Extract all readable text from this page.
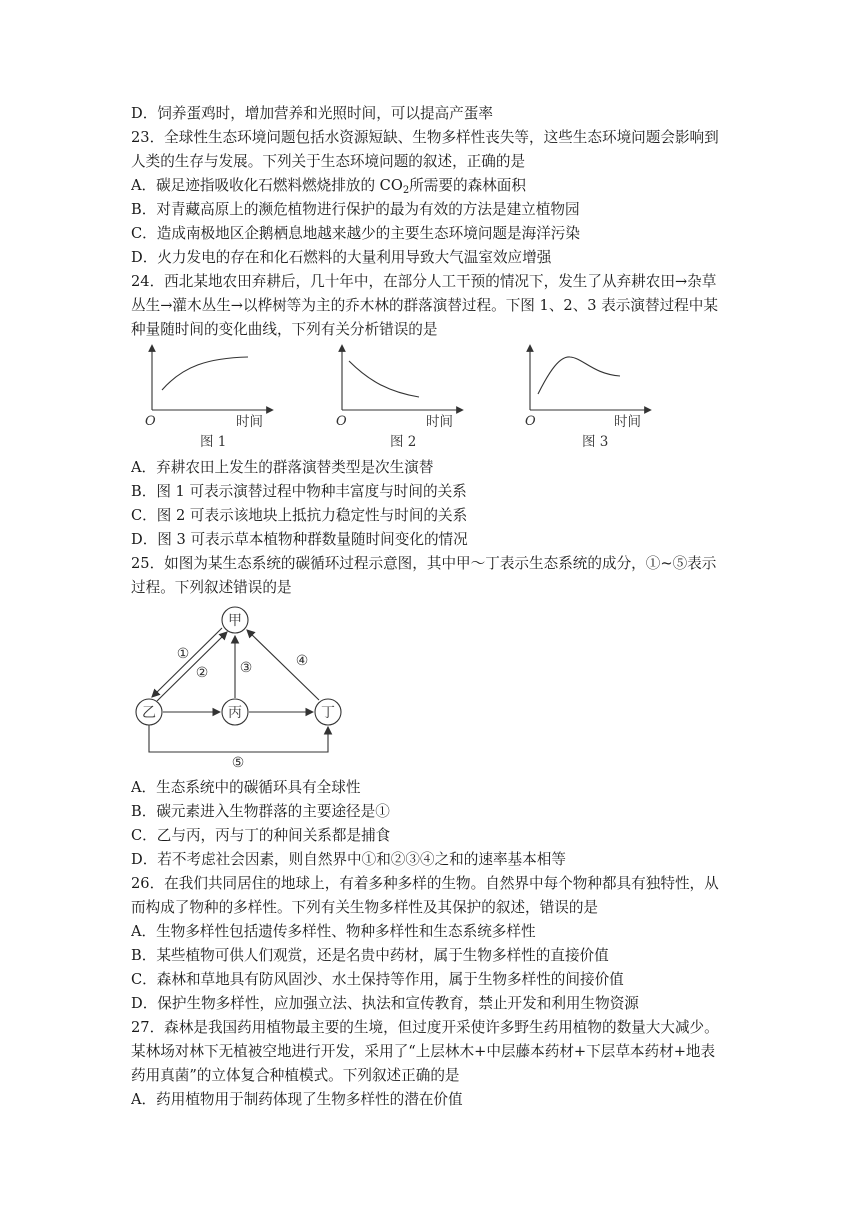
D．饲养蛋鸡时，增加营养和光照时间，可以提高产蛋率
23．全球性生态环境问题包括水资源短缺、生物多样性丧失等，这些生态环境问题会影响到
人类的生存与发展。下列关于生态环境问题的叙述，正确的是
A．碳足迹指吸收化石燃料燃烧排放的 $CO_2$所需要的森林面积
B．对青藏高原上的濒危植物进行保护的最为有效的方法是建立植物园
C．造成南极地区企鹅栖息地越来越少的主要生态环境问题是海洋污染
D．火力发电的存在和化石燃料的大量利用导致大气温室效应增强
24．西北某地农田弃耕后，几十年中，在部分人工干预的情况下，发生了从弃耕农田→杂草
丛生→灌木丛生→以桦树等为主的乔木林的群落演替过程。下图 1、2、3 表示演替过程中某
种量随时间的变化曲线，下列有关分析错误的是
O	时间
图 1
O	时间
图 2
O	时间
图 3
A．弃耕农田上发生的群落演替类型是次生演替
B．图 1 可表示演替过程中物种丰富度与时间的关系
C．图 2 可表示该地块上抵抗力稳定性与时间的关系
D．图 3 可表示草本植物种群数量随时间变化的情况
25．如图为某生态系统的碳循环过程示意图，其中甲～丁表示生态系统的成分，①~⑤表示
过程。下列叙述错误的是
甲
乙	丙	丁
①
② ③	④
⑤
A．生态系统中的碳循环具有全球性
B．碳元素进入生物群落的主要途径是①
C．乙与丙，丙与丁的种间关系都是捕食
D．若不考虑社会因素，则自然界中①和②③④之和的速率基本相等
26．在我们共同居住的地球上，有着多种多样的生物。自然界中每个物种都具有独特性，从
而构成了物种的多样性。下列有关生物多样性及其保护的叙述，错误的是
A．生物多样性包括遗传多样性、物种多样性和生态系统多样性
B．某些植物可供人们观赏，还是名贵中药材，属于生物多样性的直接价值
C．森林和草地具有防风固沙、水土保持等作用，属于生物多样性的间接价值
D．保护生物多样性，应加强立法、执法和宣传教育，禁止开发和利用生物资源
27．森林是我国药用植物最主要的生境，但过度开采使许多野生药用植物的数量大大减少。
某林场对林下无植被空地进行开发，采用了“上层林木+中层藤本药材+下层草本药材+地表
药用真菌”的立体复合种植模式。下列叙述正确的是
A．药用植物用于制药体现了生物多样性的潜在价值
